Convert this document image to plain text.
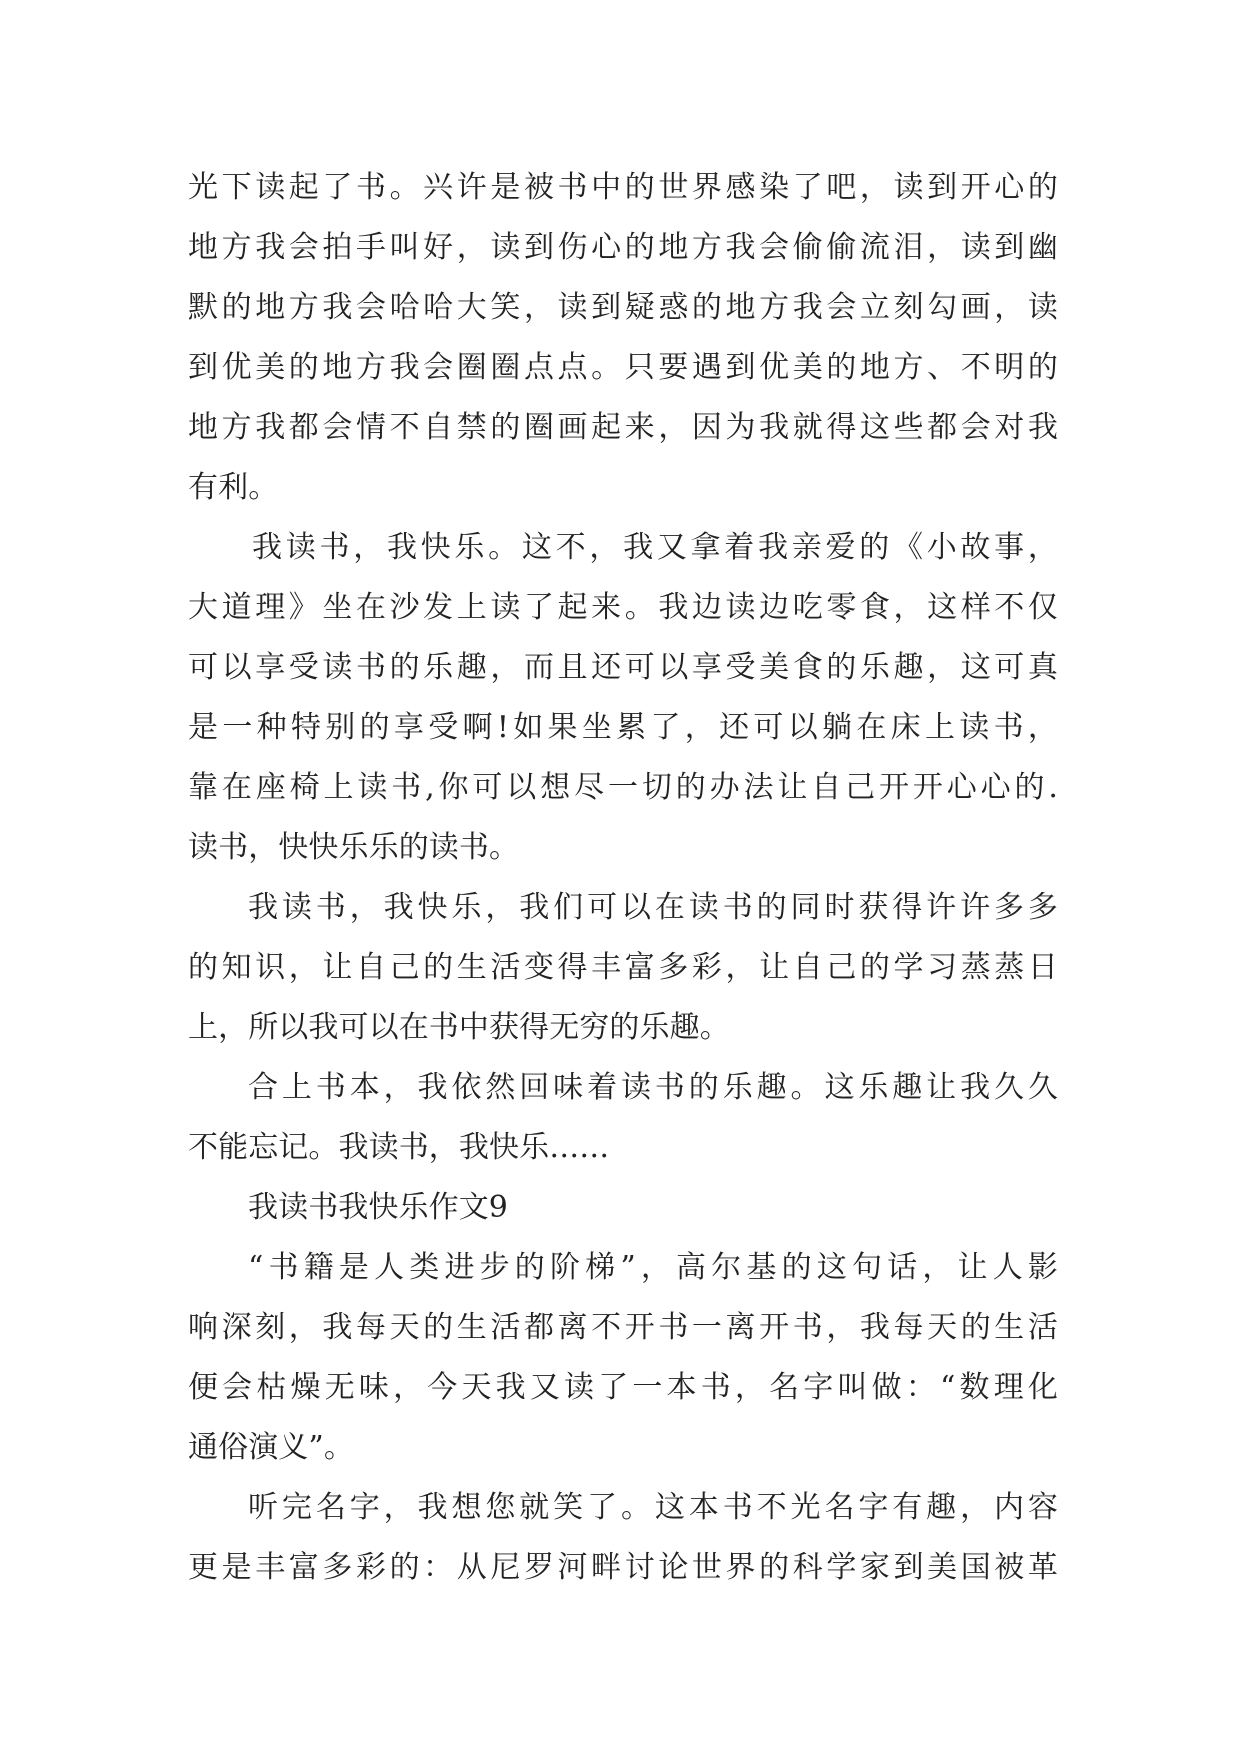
光下读起了书。兴许是被书中的世界感染了吧，读到开心的
地方我会拍手叫好，读到伤心的地方我会偷偷流泪，读到幽
默的地方我会哈哈大笑，读到疑惑的地方我会立刻勾画，读
到优美的地方我会圈圈点点。只要遇到优美的地方、不明的
地方我都会情不自禁的圈画起来，因为我就得这些都会对我
有利。
我读书，我快乐。这不，我又拿着我亲爱的《小故事，
大道理》坐在沙发上读了起来。我边读边吃零食，这样不仅
可以享受读书的乐趣，而且还可以享受美食的乐趣，这可真
是一种特别的享受啊!如果坐累了，还可以躺在床上读书，
靠在座椅上读书,你可以想尽一切的办法让自己开开心心的.
读书，快快乐乐的读书。
我读书，我快乐，我们可以在读书的同时获得许许多多
的知识，让自己的生活变得丰富多彩，让自己的学习蒸蒸日
上，所以我可以在书中获得无穷的乐趣。
合上书本，我依然回味着读书的乐趣。这乐趣让我久久
不能忘记。我读书，我快乐……
我读书我快乐作文9
“书籍是人类进步的阶梯”，高尔基的这句话，让人影
响深刻，我每天的生活都离不开书一离开书，我每天的生活
便会枯燥无味，今天我又读了一本书，名字叫做：“数理化
通俗演义”。
听完名字，我想您就笑了。这本书不光名字有趣，内容
更是丰富多彩的：从尼罗河畔讨论世界的科学家到美国被革
